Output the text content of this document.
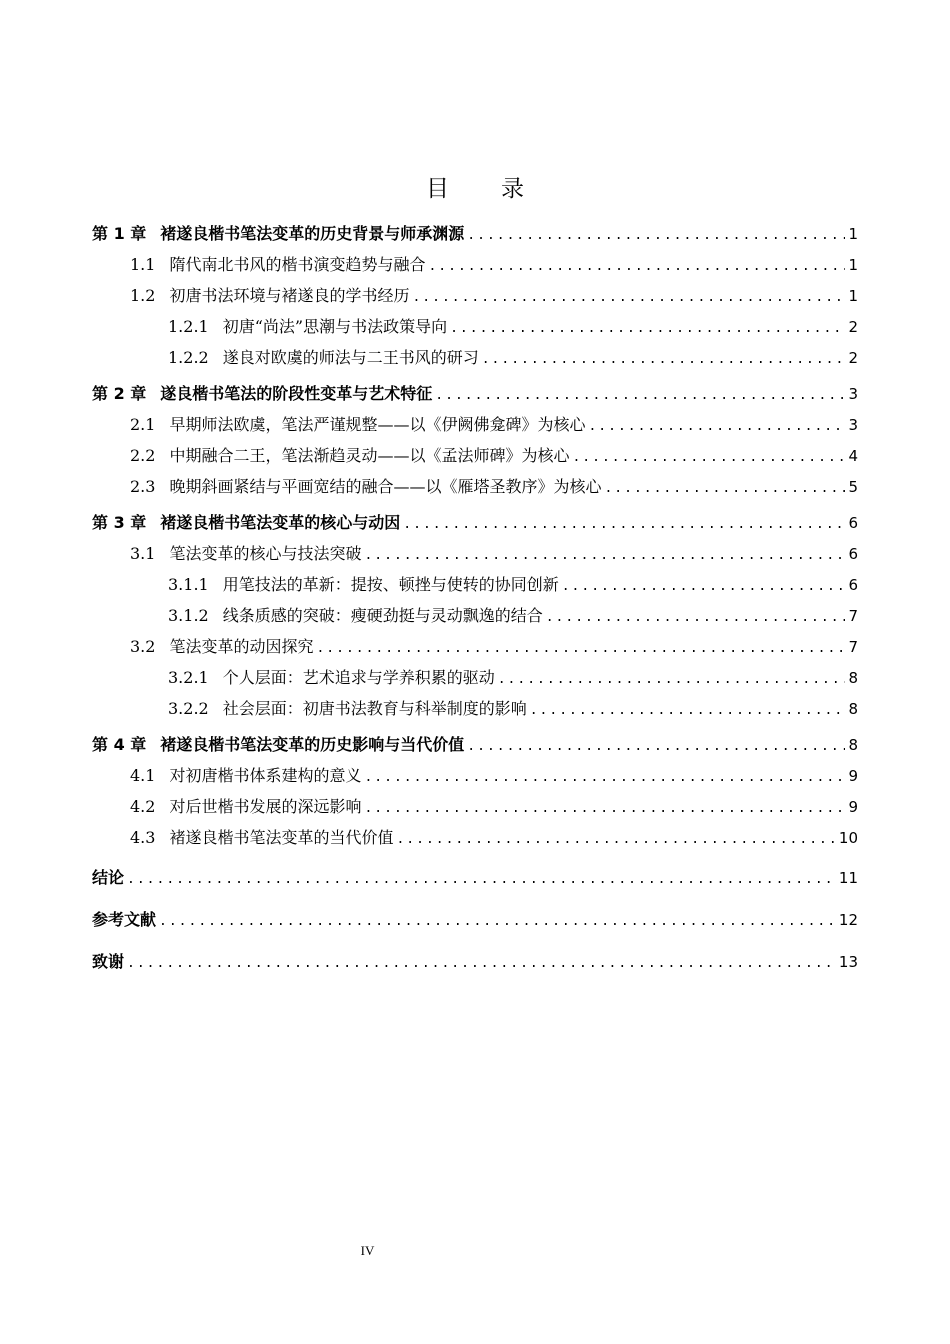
目 录
第 1 章 褚遂良楷书笔法变革的历史背景与师承渊源 .....	1
1.1 隋代南北书风的楷书演变趋势与融合 .....	1
1.2 初唐书法环境与褚遂良的学书经历 .....	1
1.2.1 初唐“尚法”思潮与书法政策导向 .....	2
1.2.2 遂良对欧虞的师法与二王书风的研习 .....	2
第 2 章 遂良楷书笔法的阶段性变革与艺术特征 .....	3
2.1 早期师法欧虞，笔法严谨规整——以《伊阙佛龛碑》为核心 .....	3
2.2 中期融合二王，笔法渐趋灵动——以《孟法师碑》为核心 .....	4
2.3 晚期斜画紧结与平画宽结的融合——以《雁塔圣教序》为核心 .....	5
第 3 章 褚遂良楷书笔法变革的核心与动因 .....	6
3.1 笔法变革的核心与技法突破 .....	6
3.1.1 用笔技法的革新：提按、顿挫与使转的协同创新 .....	6
3.1.2 线条质感的突破：瘦硬劲挺与灵动飘逸的结合 .....	7
3.2 笔法变革的动因探究 .....	7
3.2.1 个人层面：艺术追求与学养积累的驱动 .....	8
3.2.2 社会层面：初唐书法教育与科举制度的影响 .....	8
第 4 章 褚遂良楷书笔法变革的历史影响与当代价值 .....	8
4.1 对初唐楷书体系建构的意义 .....	9
4.2 对后世楷书发展的深远影响 .....	9
4.3 褚遂良楷书笔法变革的当代价值 .....	10
结论 .....	11
参考文献 .....	12
致谢 .....	13
IV
